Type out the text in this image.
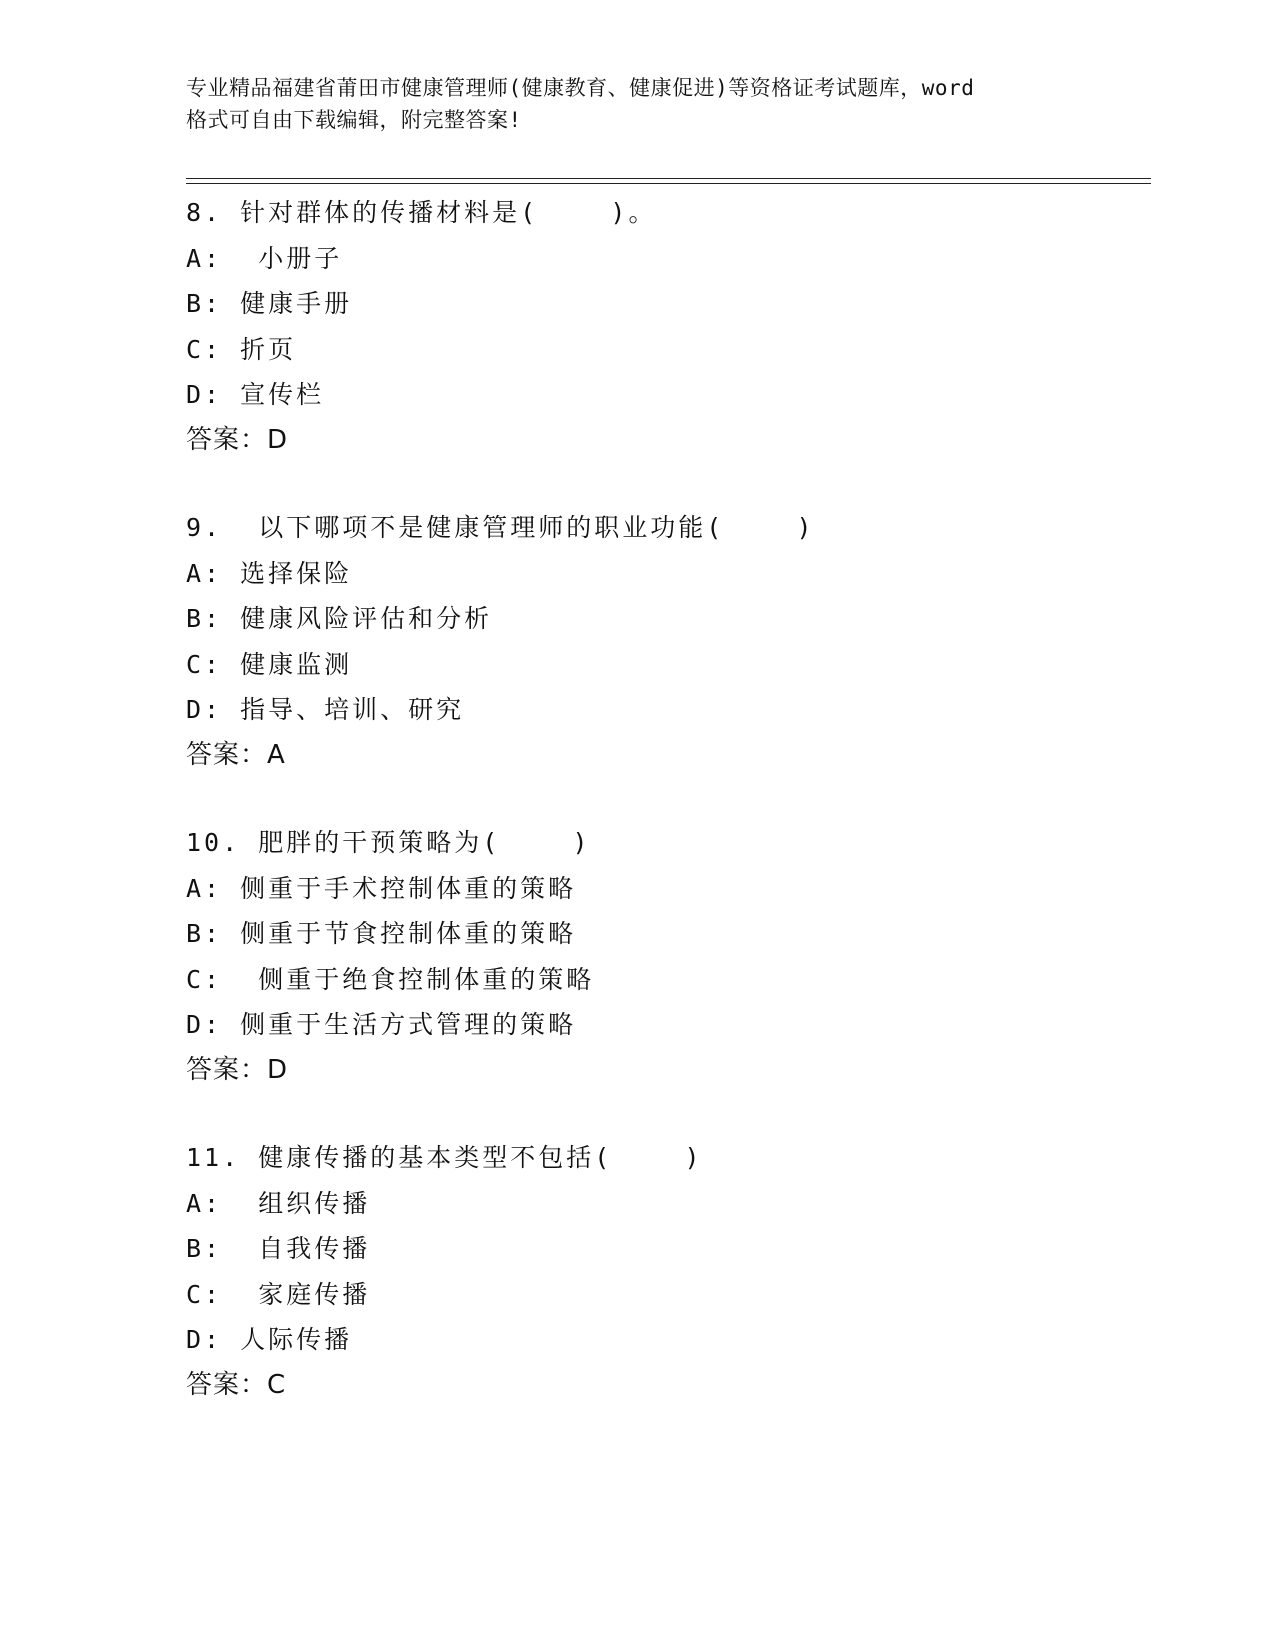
专业精品福建省莆田市健康管理师(健康教育、健康促进)等资格证考试题库，word
格式可自由下载编辑，附完整答案!
8. 针对群体的传播材料是(    )。
A:  小册子
B: 健康手册
C: 折页
D: 宣传栏
答案：D
9.  以下哪项不是健康管理师的职业功能(    )
A: 选择保险
B: 健康风险评估和分析
C: 健康监测
D: 指导、培训、研究
答案：A
10. 肥胖的干预策略为(    )
A: 侧重于手术控制体重的策略
B: 侧重于节食控制体重的策略
C:  侧重于绝食控制体重的策略
D: 侧重于生活方式管理的策略
答案：D
11. 健康传播的基本类型不包括(    )
A:  组织传播
B:  自我传播
C:  家庭传播
D: 人际传播
答案：C
